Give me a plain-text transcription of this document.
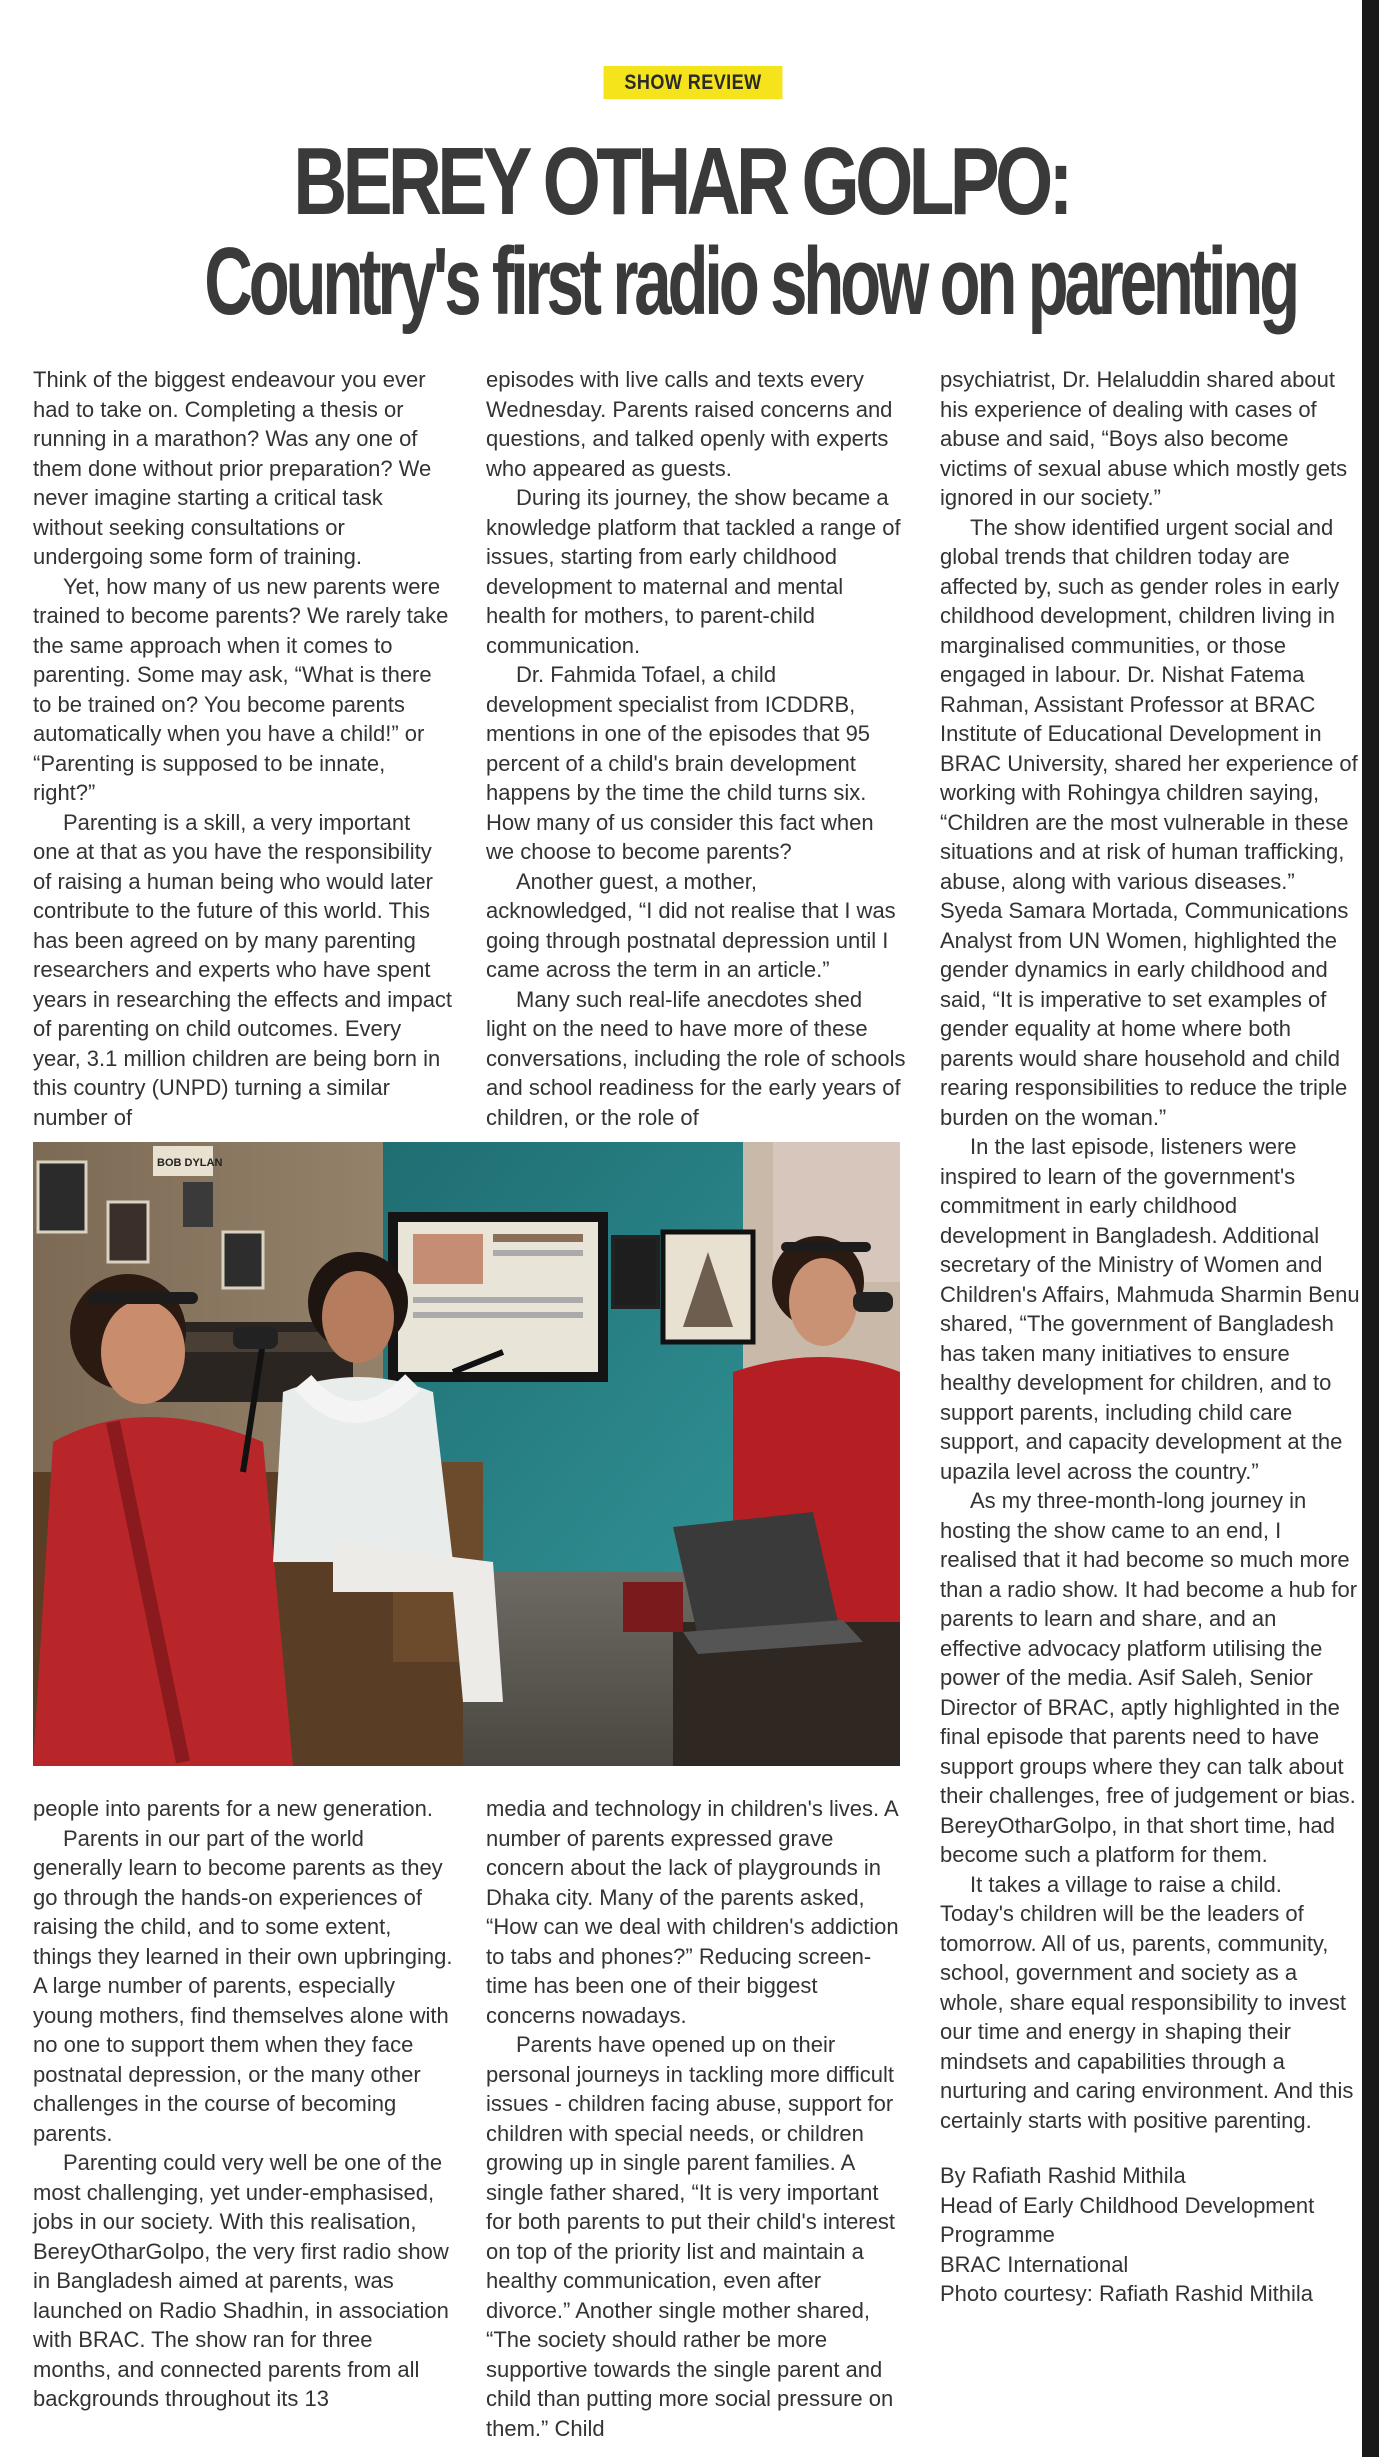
SHOW REVIEW
BEREY OTHAR GOLPO:
Country's first radio show on parenting

Think of the biggest endeavour you ever had to take on. Completing a thesis or running in a marathon? Was any one of them done without prior preparation? We never imagine starting a critical task without seeking consultations or undergoing some form of training.

Yet, how many of us new parents were trained to become parents? We rarely take the same approach when it comes to parenting. Some may ask, “What is there to be trained on? You become parents automatically when you have a child!” or “Parenting is supposed to be innate, right?”

Parenting is a skill, a very important one at that as you have the responsibility of raising a human being who would later contribute to the future of this world. This has been agreed on by many parenting researchers and experts who have spent years in researching the effects and impact of parenting on child outcomes. Every year, 3.1 million children are being born in this country (UNPD) turning a similar number of

episodes with live calls and texts every Wednesday. Parents raised concerns and questions, and talked openly with experts who appeared as guests.

During its journey, the show became a knowledge platform that tackled a range of issues, starting from early childhood development to maternal and mental health for mothers, to parent-child communication.

Dr. Fahmida Tofael, a child development specialist from ICDDRB, mentions in one of the episodes that 95 percent of a child's brain development happens by the time the child turns six. How many of us consider this fact when we choose to become parents?

Another guest, a mother, acknowledged, “I did not realise that I was going through postnatal depression until I came across the term in an article.”

Many such real-life anecdotes shed light on the need to have more of these conversations, including the role of schools and school readiness for the early years of children, or the role of

BOB DYLAN

people into parents for a new generation.

Parents in our part of the world generally learn to become parents as they go through the hands-on experiences of raising the child, and to some extent, things they learned in their own upbringing. A large number of parents, especially young mothers, find themselves alone with no one to support them when they face postnatal depression, or the many other challenges in the course of becoming parents.

Parenting could very well be one of the most challenging, yet under-emphasised, jobs in our society. With this realisation, BereyOtharGolpo, the very first radio show in Bangladesh aimed at parents, was launched on Radio Shadhin, in association with BRAC. The show ran for three months, and connected parents from all backgrounds throughout its 13

media and technology in children's lives. A number of parents expressed grave concern about the lack of playgrounds in Dhaka city. Many of the parents asked, “How can we deal with children's addiction to tabs and phones?” Reducing screen-time has been one of their biggest concerns nowadays.

Parents have opened up on their personal journeys in tackling more difficult issues - children facing abuse, support for children with special needs, or children growing up in single parent families. A single father shared, “It is very important for both parents to put their child's interest on top of the priority list and maintain a healthy communication, even after divorce.” Another single mother shared, “The society should rather be more supportive towards the single parent and child than putting more social pressure on them.” Child

psychiatrist, Dr. Helaluddin shared about his experience of dealing with cases of abuse and said, “Boys also become victims of sexual abuse which mostly gets ignored in our society.”

The show identified urgent social and global trends that children today are affected by, such as gender roles in early childhood development, children living in marginalised communities, or those engaged in labour. Dr. Nishat Fatema Rahman, Assistant Professor at BRAC Institute of Educational Development in BRAC University, shared her experience of working with Rohingya children saying, “Children are the most vulnerable in these situations and at risk of human trafficking, abuse, along with various diseases.” Syeda Samara Mortada, Communications Analyst from UN Women, highlighted the gender dynamics in early childhood and said, “It is imperative to set examples of gender equality at home where both parents would share household and child rearing responsibilities to reduce the triple burden on the woman.”

In the last episode, listeners were inspired to learn of the government's commitment in early childhood development in Bangladesh. Additional secretary of the Ministry of Women and Children's Affairs, Mahmuda Sharmin Benu shared, “The government of Bangladesh has taken many initiatives to ensure healthy development for children, and to support parents, including child care support, and capacity development at the upazila level across the country.”

As my three-month-long journey in hosting the show came to an end, I realised that it had become so much more than a radio show. It had become a hub for parents to learn and share, and an effective advocacy platform utilising the power of the media. Asif Saleh, Senior Director of BRAC, aptly highlighted in the final episode that parents need to have support groups where they can talk about their challenges, free of judgement or bias. BereyOtharGolpo, in that short time, had become such a platform for them.

It takes a village to raise a child. Today's children will be the leaders of tomorrow. All of us, parents, community, school, government and society as a whole, share equal responsibility to invest our time and energy in shaping their mindsets and capabilities through a nurturing and caring environment. And this certainly starts with positive parenting.

By Rafiath Rashid Mithila
Head of Early Childhood Development
Programme
BRAC International
Photo courtesy: Rafiath Rashid Mithila
